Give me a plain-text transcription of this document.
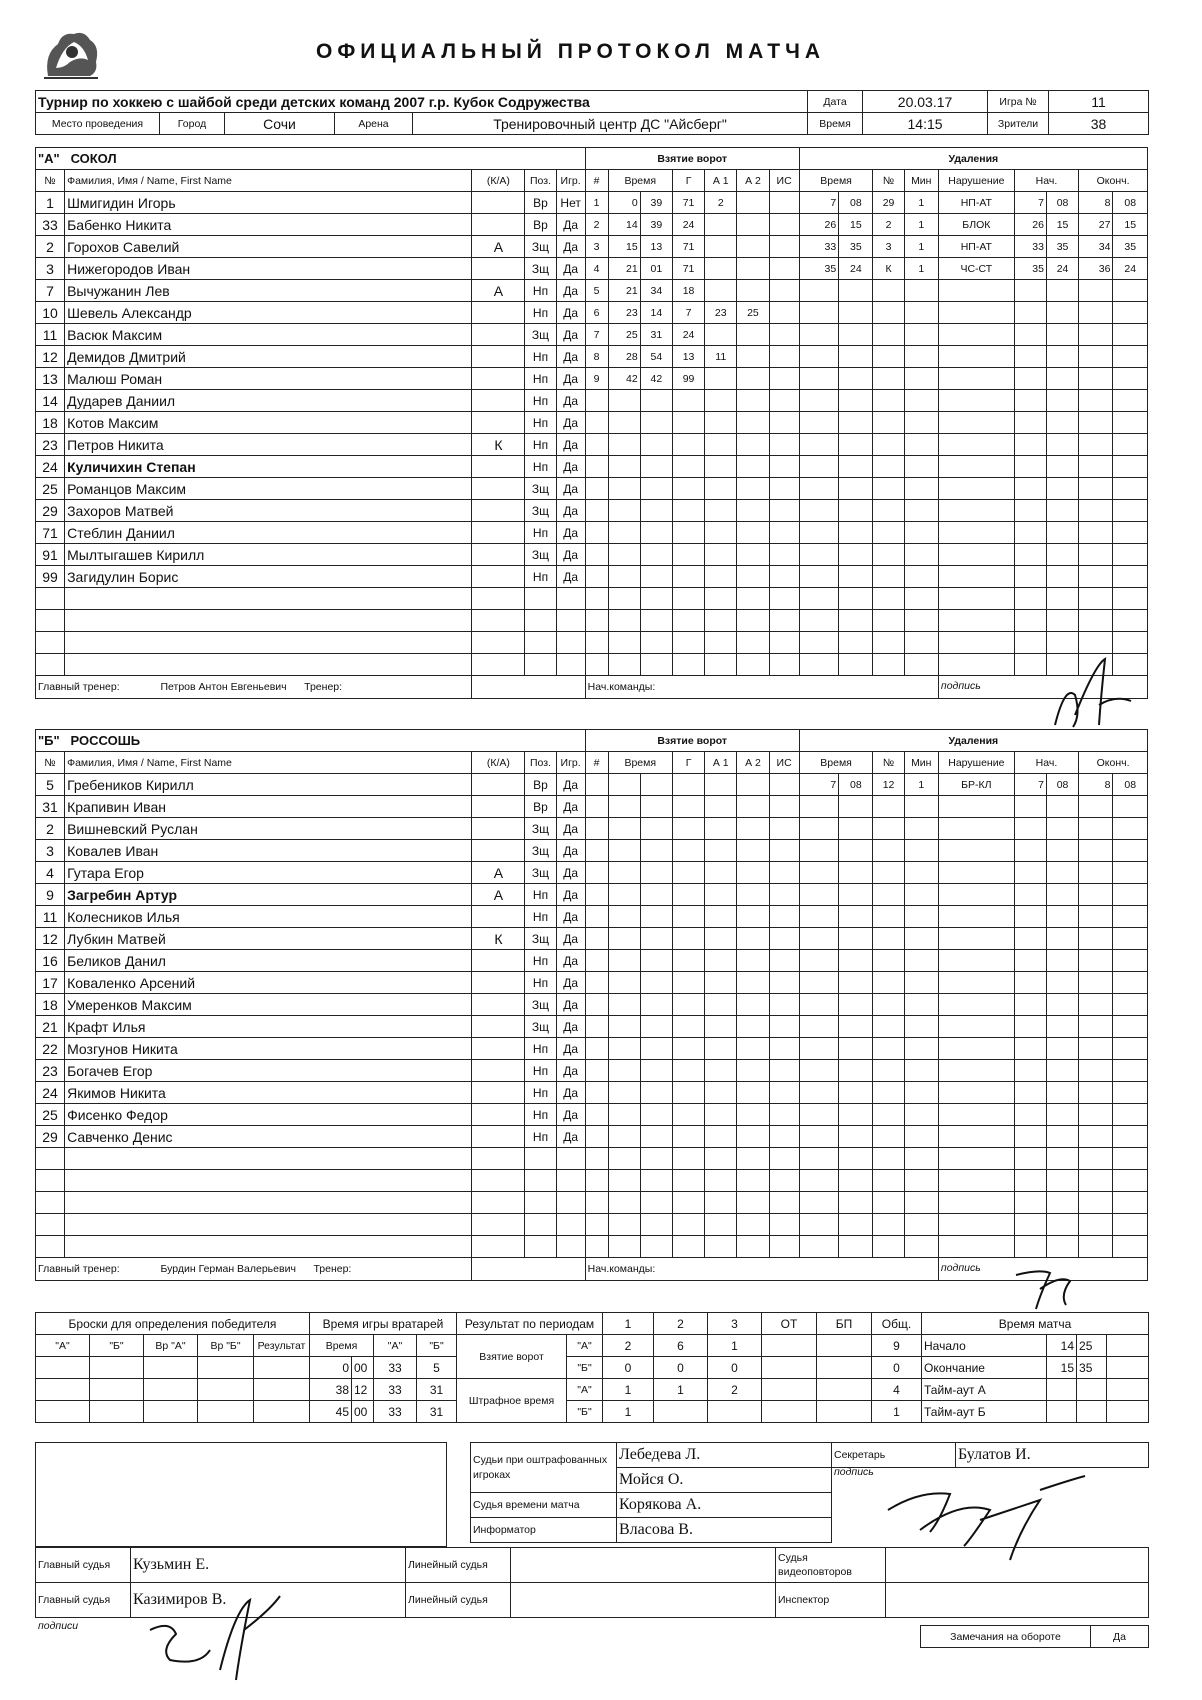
ОФИЦИАЛЬНЫЙ ПРОТОКОЛ МАТЧА
Турнир по хоккею с шайбой среди детских команд 2007 г.р. Кубок Содружества					Дата	20.03.17	Игра №	11
Место проведения	Город	Сочи	Арена	Тренировочный центр ДС "Айсберг"	Время	14:15	Зрители	38
"А" СОКОЛ					Взятие ворот							Удаления								
№	Фамилия, Имя / Name, First Name	(К/А)	Поз.	Игр.	#	Время		Г	А 1	А 2	ИС	Время		№	Мин	Нарушение	Нач.		Оконч.	
1	Шмигидин Игорь		Вр	Нет	1	0	39	71	2			7	08	29	1	НП-АТ	7	08	8	08
33	Бабенко Никита		Вр	Да	2	14	39	24				26	15	2	1	БЛОК	26	15	27	15
2	Горохов Савелий	А	Зщ	Да	3	15	13	71				33	35	3	1	НП-АТ	33	35	34	35
3	Нижегородов Иван		Зщ	Да	4	21	01	71				35	24	К	1	ЧС-СТ	35	24	36	24
7	Вычужанин Лев	А	Нп	Да	5	21	34	18												
10	Шевель Александр		Нп	Да	6	23	14	7	23	25										
11	Васюк Максим		Зщ	Да	7	25	31	24												
12	Демидов Дмитрий		Нп	Да	8	28	54	13	11											
13	Малюш Роман		Нп	Да	9	42	42	99												
14	Дударев Даниил		Нп	Да																
18	Котов Максим		Нп	Да																
23	Петров Никита	К	Нп	Да																
24	Куличихин Степан		Нп	Да																
25	Романцов Максим		Зщ	Да																
29	Захоров Матвей		Зщ	Да																
71	Стеблин Даниил		Нп	Да																
91	Мылтыгашев Кирилл		Зщ	Да																
99	Загидулин Борис		Нп	Да																

Главный тренер: Петров Антон Евгеньевич Тренер:					Нач.команды:											подпись				
"Б" РОССОШЬ					Взятие ворот							Удаления								
№	Фамилия, Имя / Name, First Name	(К/А)	Поз.	Игр.	#	Время		Г	А 1	А 2	ИС	Время		№	Мин	Нарушение	Нач.		Оконч.	
5	Гребеников Кирилл		Вр	Да								7	08	12	1	БР-КЛ	7	08	8	08
31	Крапивин Иван		Вр	Да																
2	Вишневский Руслан		Зщ	Да																
3	Ковалев Иван		Зщ	Да																
4	Гутара Егор	А	Зщ	Да																
9	Загребин Артур	А	Нп	Да																
11	Колесников Илья		Нп	Да																
12	Лубкин Матвей	К	Зщ	Да																
16	Беликов Данил		Нп	Да																
17	Коваленко Арсений		Нп	Да																
18	Умеренков Максим		Зщ	Да																
21	Крафт Илья		Зщ	Да																
22	Мозгунов Никита		Нп	Да																
23	Богачев Егор		Нп	Да																
24	Якимов Никита		Нп	Да																
25	Фисенко Федор		Нп	Да																
29	Савченко Денис		Нп	Да																

Главный тренер: Бурдин Герман Валерьевич Тренер:					Нач.команды:											подпись				
Броски для определения победителя					Время игры вратарей				Результат по периодам		1	2	3	ОТ	БП	Общ.	Время матча			
"А"	"Б"	Вр "А"	Вр "Б"	Результат	Время		"А"	"Б"	Взятие ворот	"А"	2	6	1			9	Начало	14	25	
					0	00	33	5		"Б"	0	0	0			0	Окончание	15	35	
					38	12	33	31	Штрафное время	"А"	1	1	2			4	Тайм-аут А			
					45	00	33	31		"Б"	1					1	Тайм-аут Б			
Судьи при оштрафованных игроках	Лебедева Л.
	Мойся О.
Судья времени матча	Корякова А.
Информатор	Власова В.
Секретарь	Булатов И.
подпись
Главный судья	Кузьмин Е.	Линейный судья		Судья видеоповторов	
Главный судья	Казимиров В.	Линейный судья		Инспектор	
подписи
Замечания на обороте	Да
